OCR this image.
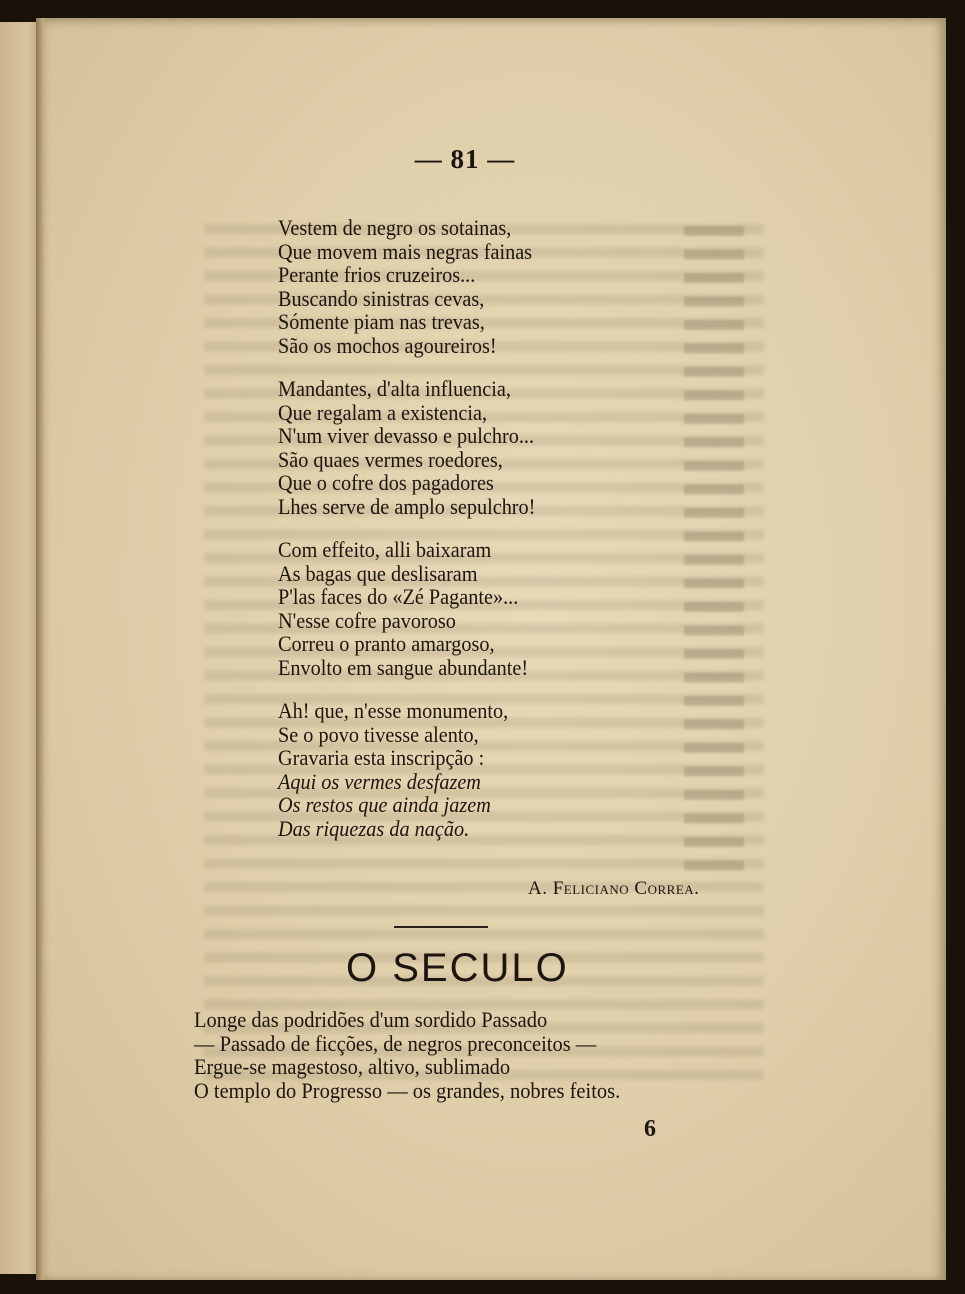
— 81 —
Vestem de negro os sotainas,
Que movem mais negras fainas
Perante frios cruzeiros...
Buscando sinistras cevas,
Sómente piam nas trevas,
São os mochos agoureiros!
Mandantes, d'alta influencia,
Que regalam a existencia,
N'um viver devasso e pulchro...
São quaes vermes roedores,
Que o cofre dos pagadores
Lhes serve de amplo sepulchro!
Com effeito, alli baixaram
As bagas que deslisaram
P'las faces do «Zé Pagante»...
N'esse cofre pavoroso
Correu o pranto amargoso,
Envolto em sangue abundante!
Ah! que, n'esse monumento,
Se o povo tivesse alento,
Gravaria esta inscripção :
Aqui os vermes desfazem
Os restos que ainda jazem
Das riquezas da nação.
A. Feliciano Correa.
O SECULO
Longe das podridões d'um sordido Passado
— Passado de ficções, de negros preconceitos —
Ergue-se magestoso, altivo, sublimado
O templo do Progresso — os grandes, nobres feitos.
6
